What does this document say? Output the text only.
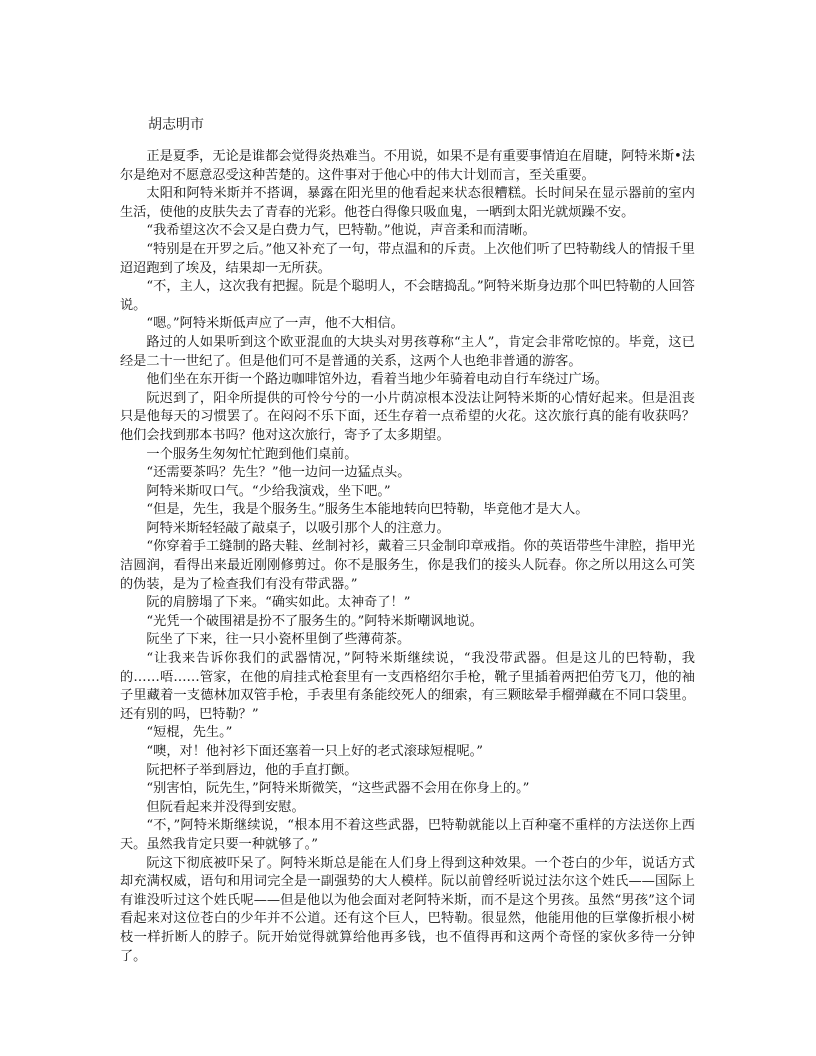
胡志明市

正是夏季，无论是谁都会觉得炎热难当。不用说，如果不是有重要事情迫在眉睫，阿特米斯•法尔是绝对不愿意忍受这种苦楚的。这件事对于他心中的伟大计划而言，至关重要。

太阳和阿特米斯并不搭调，暴露在阳光里的他看起来状态很糟糕。长时间呆在显示器前的室内生活，使他的皮肤失去了青春的光彩。他苍白得像只吸血鬼，一晒到太阳光就烦躁不安。

“我希望这次不会又是白费力气，巴特勒。”他说，声音柔和而清晰。

“特别是在开罗之后。”他又补充了一句，带点温和的斥责。上次他们听了巴特勒线人的情报千里迢迢跑到了埃及，结果却一无所获。

“不，主人，这次我有把握。阮是个聪明人，不会瞎捣乱。”阿特米斯身边那个叫巴特勒的人回答说。

“嗯。”阿特米斯低声应了一声，他不大相信。

路过的人如果听到这个欧亚混血的大块头对男孩尊称“主人”，肯定会非常吃惊的。毕竟，这已经是二十一世纪了。但是他们可不是普通的关系，这两个人也绝非普通的游客。

他们坐在东开街一个路边咖啡馆外边，看着当地少年骑着电动自行车绕过广场。

阮迟到了，阳伞所提供的可怜兮兮的一小片荫凉根本没法让阿特米斯的心情好起来。但是沮丧只是他每天的习惯罢了。在闷闷不乐下面，还生存着一点希望的火花。这次旅行真的能有收获吗？他们会找到那本书吗？他对这次旅行，寄予了太多期望。

一个服务生匆匆忙忙跑到他们桌前。

“还需要茶吗？先生？”他一边问一边猛点头。

阿特米斯叹口气。“少给我演戏，坐下吧。”

“但是，先生，我是个服务生。”服务生本能地转向巴特勒，毕竟他才是大人。

阿特米斯轻轻敲了敲桌子，以吸引那个人的注意力。

“你穿着手工缝制的路夫鞋、丝制衬衫，戴着三只金制印章戒指。你的英语带些牛津腔，指甲光洁圆润，看得出来最近刚刚修剪过。你不是服务生，你是我们的接头人阮春。你之所以用这么可笑的伪装，是为了检查我们有没有带武器。”

阮的肩膀塌了下来。“确实如此。太神奇了！”

“光凭一个破围裙是扮不了服务生的。”阿特米斯嘲讽地说。

阮坐了下来，往一只小瓷杯里倒了些薄荷茶。

“让我来告诉你我们的武器情况，”阿特米斯继续说，“我没带武器。但是这儿的巴特勒，我的……唔……管家，在他的肩挂式枪套里有一支西格绍尔手枪，靴子里插着两把伯劳飞刀，他的袖子里藏着一支德林加双管手枪，手表里有条能绞死人的细索，有三颗眩晕手榴弹藏在不同口袋里。还有别的吗，巴特勒？”

“短棍，先生。”

“噢，对！他衬衫下面还塞着一只上好的老式滚球短棍呢。”

阮把杯子举到唇边，他的手直打颤。

“别害怕，阮先生，”阿特米斯微笑，“这些武器不会用在你身上的。”

但阮看起来并没得到安慰。

“不，”阿特米斯继续说，“根本用不着这些武器，巴特勒就能以上百种毫不重样的方法送你上西天。虽然我肯定只要一种就够了。”

阮这下彻底被吓呆了。阿特米斯总是能在人们身上得到这种效果。一个苍白的少年，说话方式却充满权威，语句和用词完全是一副强势的大人模样。阮以前曾经听说过法尔这个姓氏——国际上有谁没听过这个姓氏呢——但是他以为他会面对老阿特米斯，而不是这个男孩。虽然“男孩”这个词看起来对这位苍白的少年并不公道。还有这个巨人，巴特勒。很显然，他能用他的巨掌像折根小树枝一样折断人的脖子。阮开始觉得就算给他再多钱，也不值得再和这两个奇怪的家伙多待一分钟了。
